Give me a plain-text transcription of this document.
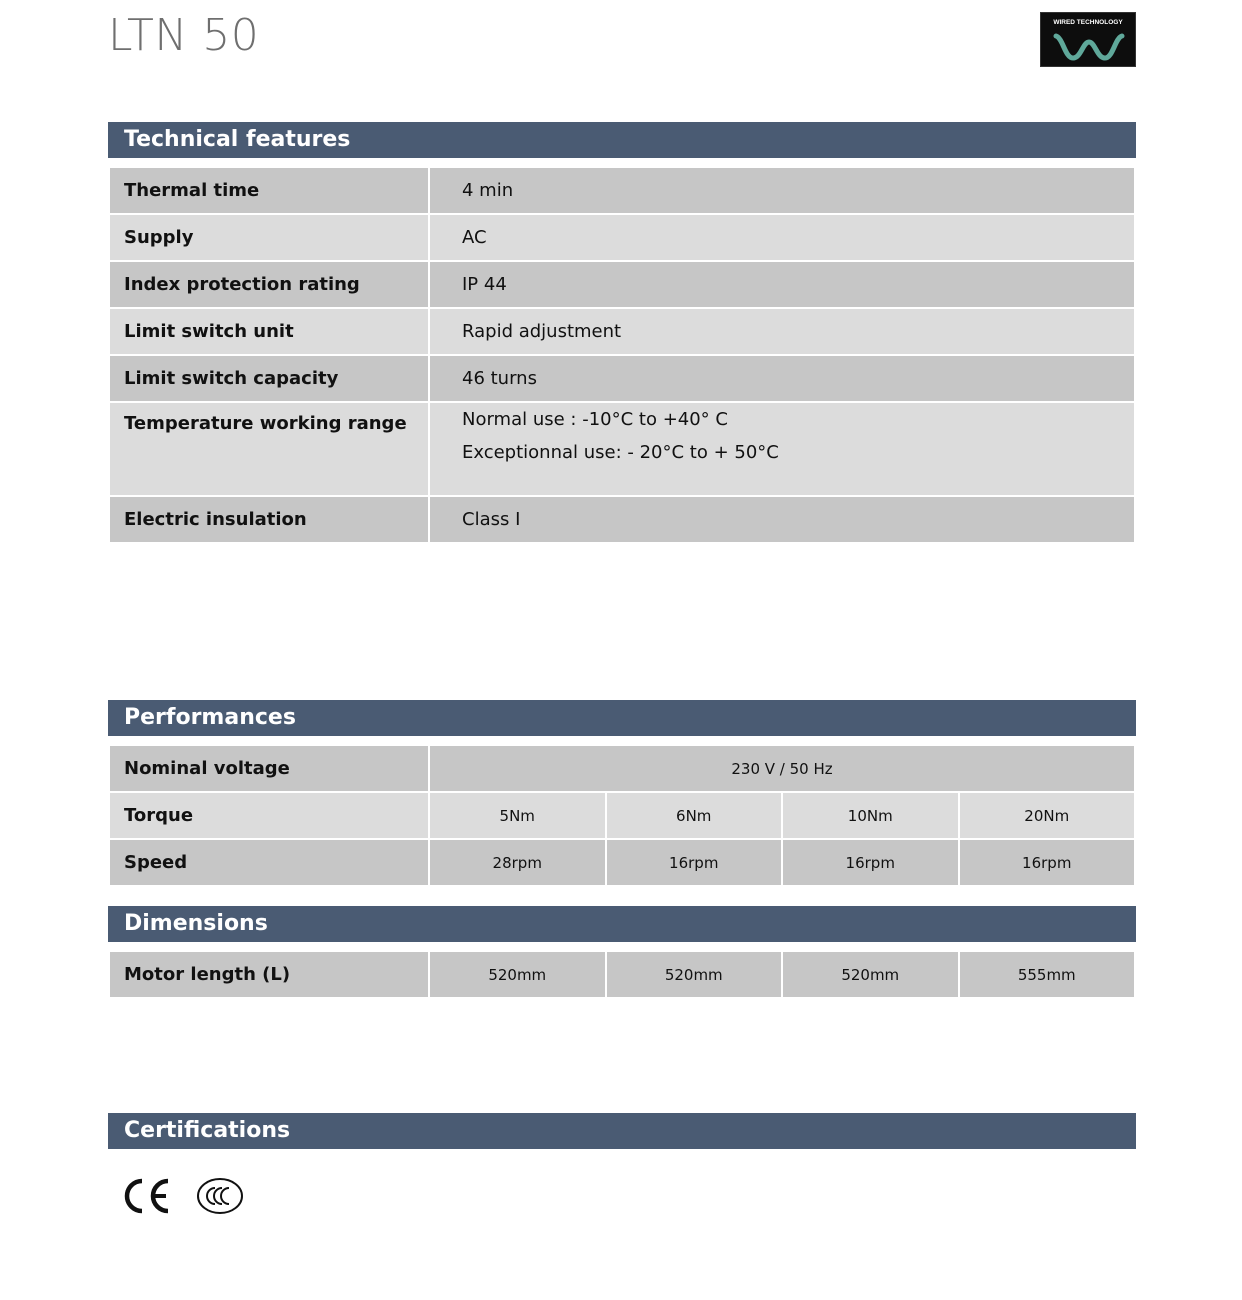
LTN 50	WIRED TECHNOLOGY
Technical features
Thermal time	4 min
Supply	AC
Index protection rating	IP 44
Limit switch unit	Rapid adjustment
Limit switch capacity	46 turns
Temperature working range	Normal use : -10°C to +40° C
Exceptionnal use: - 20°C to + 50°C

Electric insulation	Class I
Performances
Nominal voltage	230 V / 50 Hz			
Torque	5Nm	6Nm	10Nm	20Nm
Speed	28rpm	16rpm	16rpm	16rpm
Dimensions
Motor length (L)	520mm	520mm	520mm	555mm
Certifications
